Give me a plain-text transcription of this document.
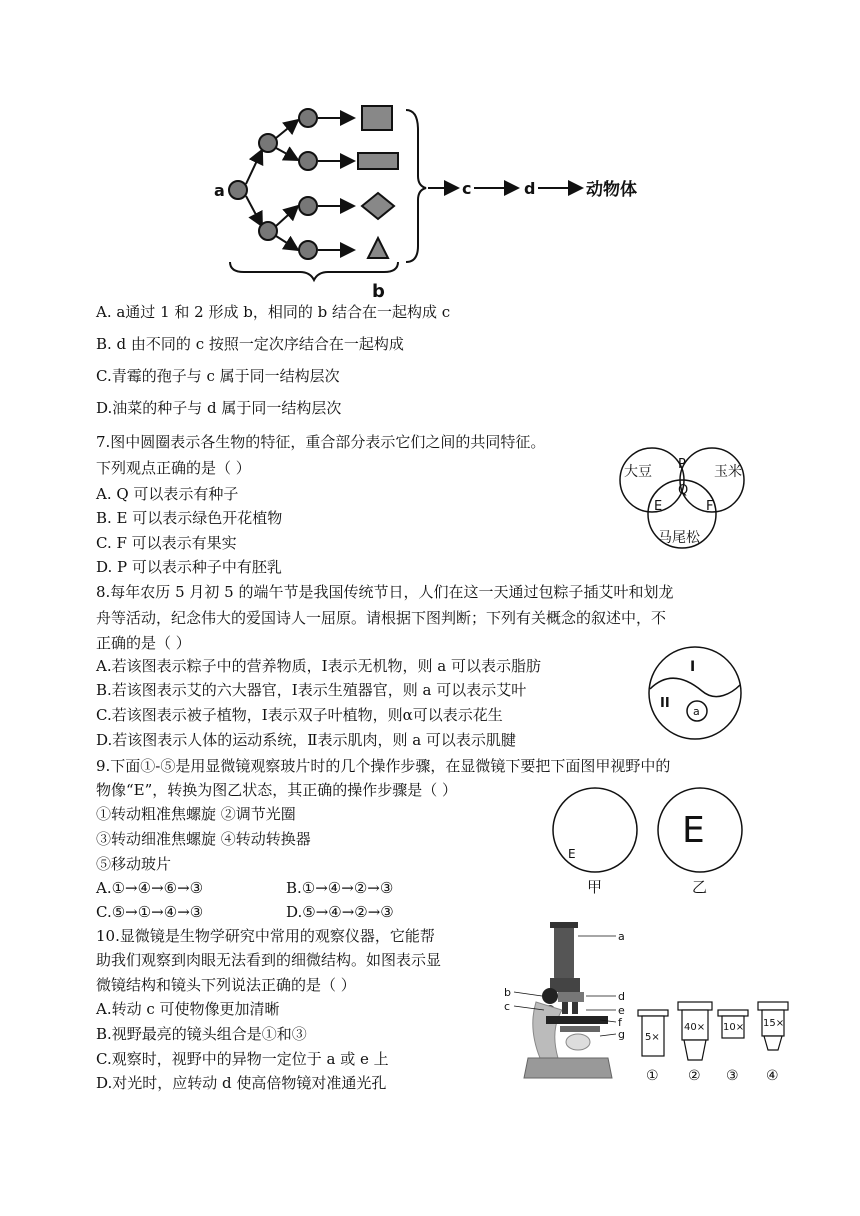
a	c	d	动物体
b
A. a通过 1 和 2 形成 b，相同的 b 结合在一起构成 c
B. d 由不同的 c 按照一定次序结合在一起构成
C.青霉的孢子与 c 属于同一结构层次
D.油菜的种子与 d 属于同一结构层次
7.图中圆圈表示各生物的特征，重合部分表示它们之间的共同特征。
下列观点正确的是（ ）
A. Q 可以表示有种子
B. E 可以表示绿色开花植物
C. F 可以表示有果实
D. P 可以表示种子中有胚乳
大豆	玉米
马尾松
P
Q
E	F
8.每年农历 5 月初 5 的端午节是我国传统节日，人们在这一天通过包粽子插艾叶和划龙
舟等活动，纪念伟大的爱国诗人一屈原。请根据下图判断；下列有关概念的叙述中，不
正确的是（ ）
A.若该图表示粽子中的营养物质，Ⅰ表示无机物，则 a 可以表示脂肪
B.若该图表示艾的六大器官，Ⅰ表示生殖器官，则 a 可以表示艾叶
C.若该图表示被子植物，Ⅰ表示双子叶植物，则α可以表示花生
D.若该图表示人体的运动系统，Ⅱ表示肌肉，则 a 可以表示肌腱
I
II
a
9.下面①-⑤是用显微镜观察玻片时的几个操作步骤，在显微镜下要把下面图甲视野中的
物像“E”，转换为图乙状态，其正确的操作步骤是（ ）
①转动粗准焦螺旋 ②调节光圈
③转动细准焦螺旋 ④转动转换器
⑤移动玻片
A.①→④→⑥→③	B.①→④→②→③
C.⑤→①→④→③	D.⑤→④→②→③
E
E
甲	乙
10.显微镜是生物学研究中常用的观察仪器，它能帮
助我们观察到肉眼无法看到的细微结构。如图表示显
微镜结构和镜头下列说法正确的是（ ）
A.转动 c 可使物像更加清晰
B.视野最亮的镜头组合是①和③
C.观察时，视野中的异物一定位于 a 或 e 上
D.对光时，应转动 d 使高倍物镜对准通光孔
a
b
c
d
e
f
g 5×
40× 10× 15×
① ② ③ ④
